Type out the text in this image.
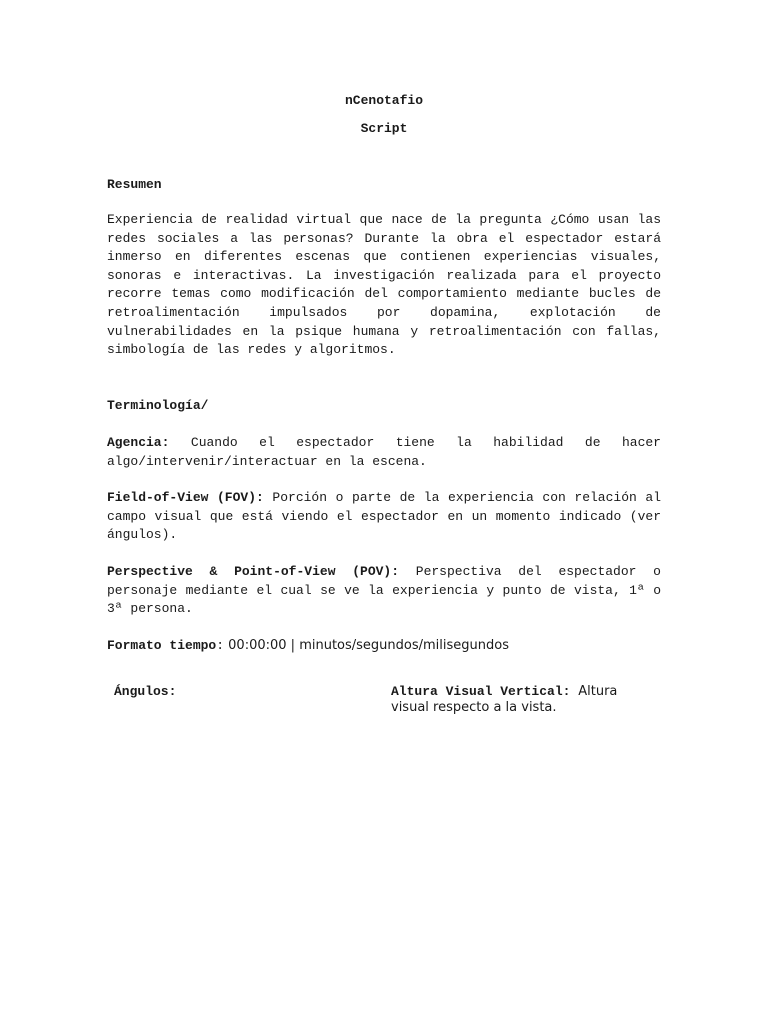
nCenotafio
Script
Resumen
Experiencia de realidad virtual que nace de la pregunta ¿Cómo usan las redes sociales a las personas? Durante la obra el espectador estará inmerso en diferentes escenas que contienen experiencias visuales, sonoras e interactivas. La investigación realizada para el proyecto recorre temas como modificación del comportamiento mediante bucles de retroalimentación impulsados por dopamina, explotación de vulnerabilidades en la psique humana y retroalimentación con fallas, simbología de las redes y algoritmos.
Terminología/
Agencia: Cuando el espectador tiene la habilidad de hacer algo/intervenir/interactuar en la escena.
Field-of-View (FOV): Porción o parte de la experiencia con relación al campo visual que está viendo el espectador en un momento indicado (ver ángulos).
Perspective & Point-of-View (POV): Perspectiva del espectador o personaje mediante el cual se ve la experiencia y punto de vista, 1ª o 3ª persona.
Formato tiempo: 00:00:00 | minutos/segundos/milisegundos
Ángulos:	Altura Visual Vertical: Altura
visual respecto a la vista.
